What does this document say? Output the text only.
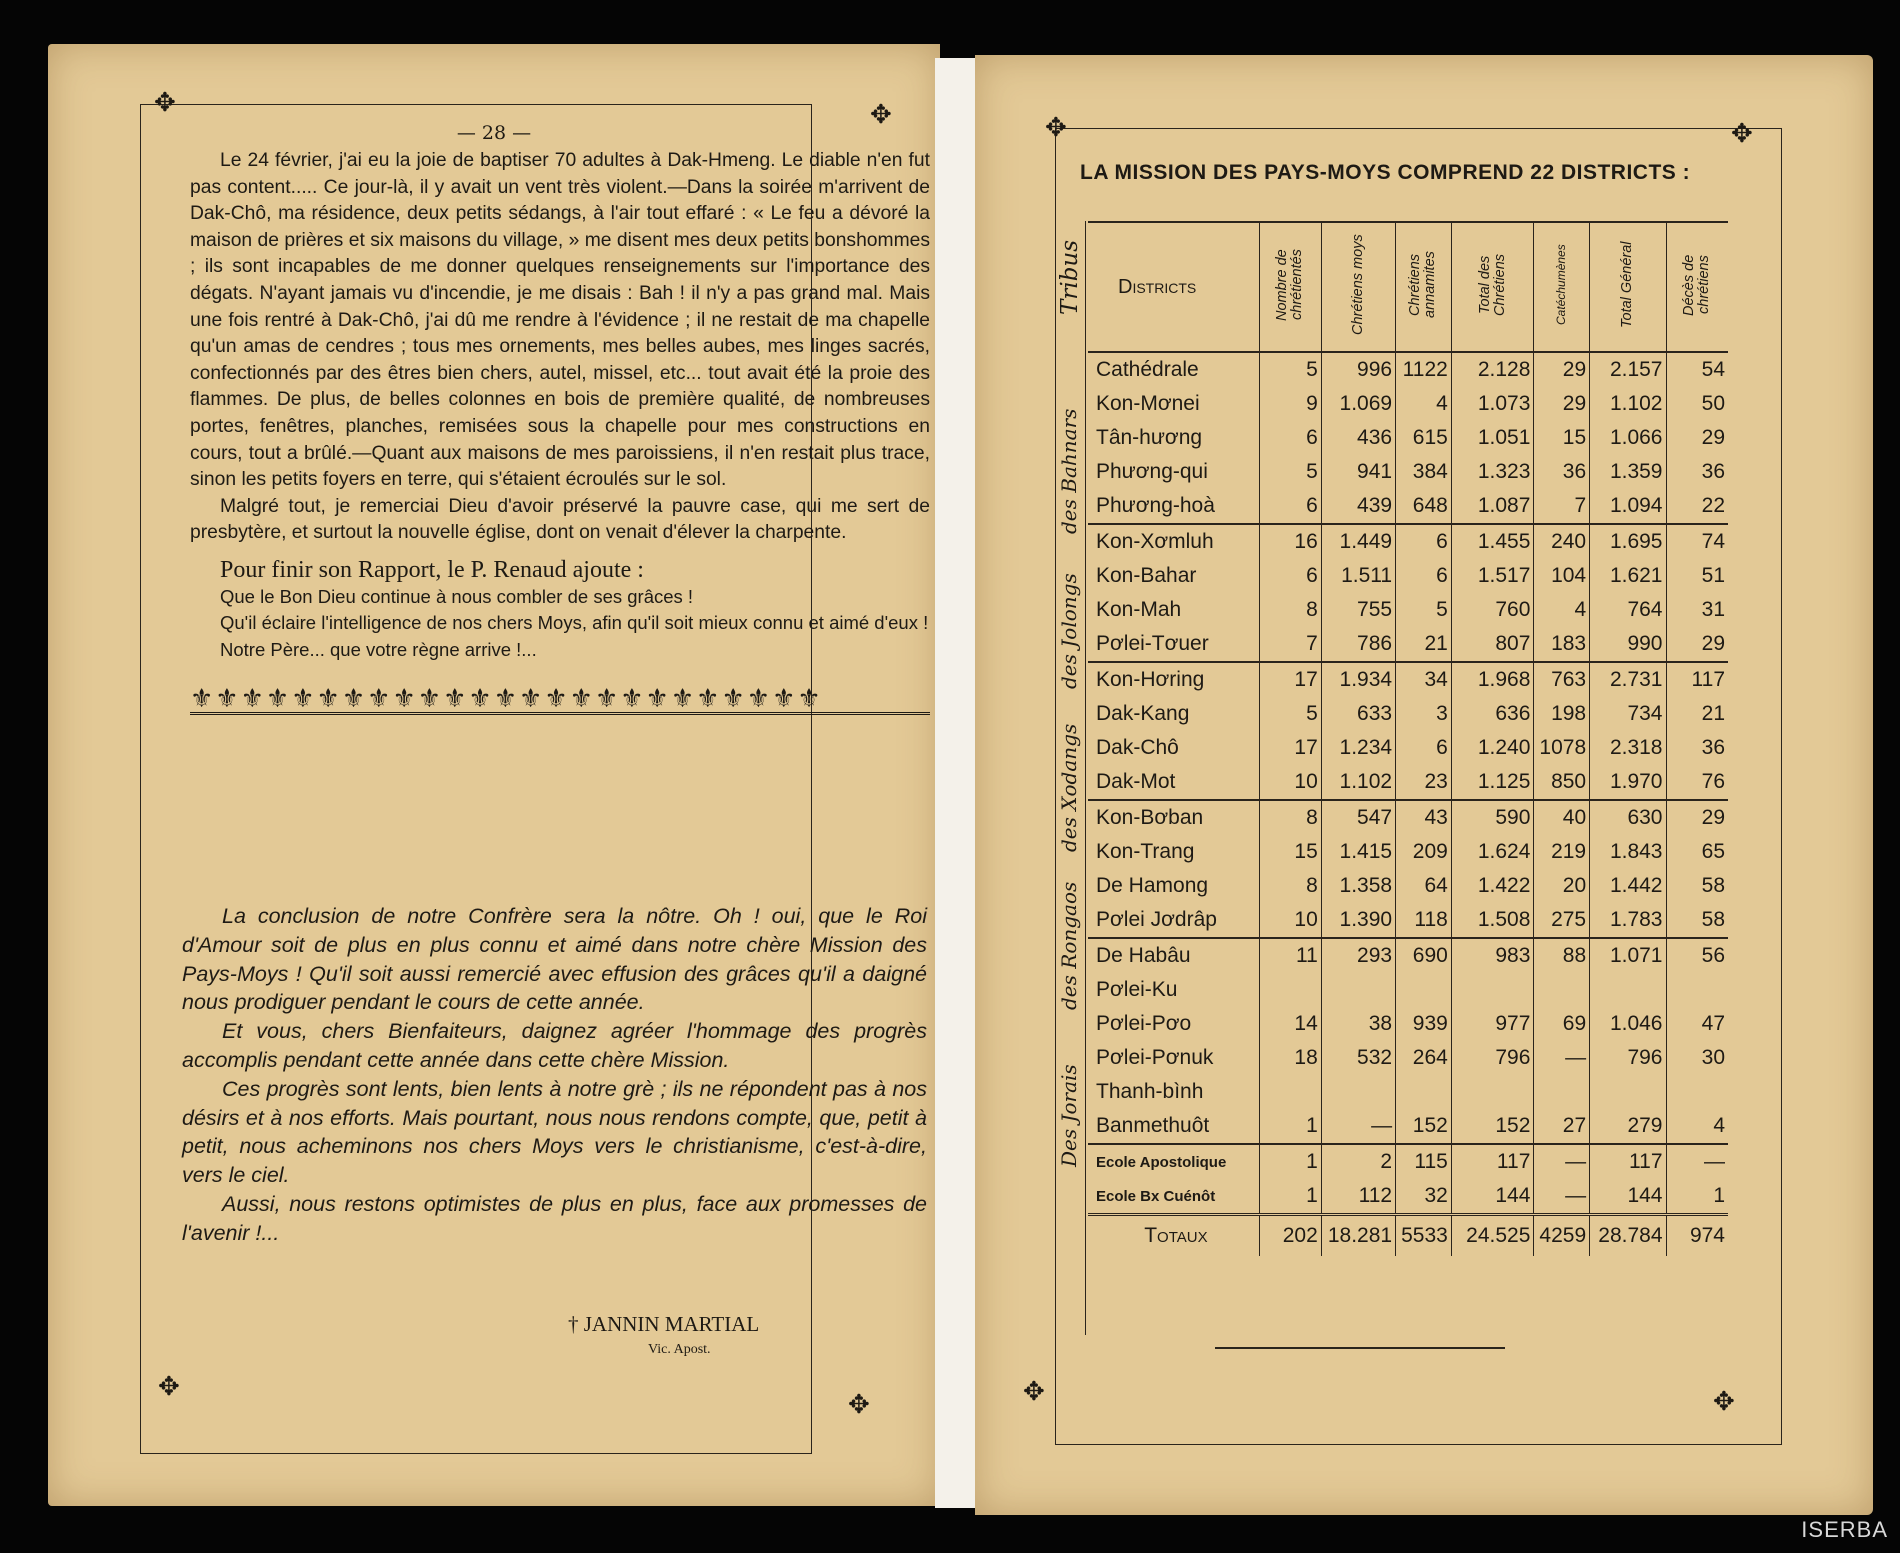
✥	✥
✥
✥
— 28 —

Le 24 février, j'ai eu la joie de baptiser 70 adultes à Dak-Hmeng. Le diable n'en fut pas content..... Ce jour-là, il y avait un vent très violent.—Dans la soirée m'arrivent de Dak-Chô, ma résidence, deux petits sédangs, à l'air tout effaré : « Le feu a dévoré la maison de prières et six maisons du village, » me disent mes deux petits bonshommes ; ils sont incapables de me donner quelques renseignements sur l'importance des dégats. N'ayant jamais vu d'incendie, je me disais : Bah ! il n'y a pas grand mal. Mais une fois rentré à Dak-Chô, j'ai dû me rendre à l'évidence ; il ne restait de ma chapelle qu'un amas de cendres ; tous mes ornements, mes belles aubes, mes linges sacrés, confectionnés par des êtres bien chers, autel, missel, etc... tout avait été la proie des flammes. De plus, de belles colonnes en bois de première qualité, de nombreuses portes, fenêtres, planches, remisées sous la chapelle pour mes constructions en cours, tout a brûlé.—Quant aux maisons de mes paroissiens, il n'en restait plus trace, sinon les petits foyers en terre, qui s'étaient écroulés sur le sol.

Malgré tout, je remerciai Dieu d'avoir préservé la pauvre case, qui me sert de presbytère, et surtout la nouvelle église, dont on venait d'élever la charpente.

Pour finir son Rapport, le P. Renaud ajoute :

Que le Bon Dieu continue à nous combler de ses grâces !

Qu'il éclaire l'intelligence de nos chers Moys, afin qu'il soit mieux connu et aimé d'eux !

Notre Père... que votre règne arrive !...

⚜⚜⚜⚜⚜⚜⚜⚜⚜⚜⚜⚜⚜⚜⚜⚜⚜⚜⚜⚜⚜⚜⚜⚜⚜

La conclusion de notre Confrère sera la nôtre. Oh ! oui, que le Roi d'Amour soit de plus en plus connu et aimé dans notre chère Mission des Pays-Moys ! Qu'il soit aussi remercié avec effusion des grâces qu'il a daigné nous prodiguer pendant le cours de cette année.

Et vous, chers Bienfaiteurs, daignez agréer l'hommage des progrès accomplis pendant cette année dans cette chère Mission.

Ces progrès sont lents, bien lents à notre grè ; ils ne répondent pas à nos désirs et à nos efforts. Mais pourtant, nous nous rendons compte, que, petit à petit, nous acheminons nos chers Moys vers le christianisme, c'est-à-dire, vers le ciel.

Aussi, nous restons optimistes de plus en plus, face aux promesses de l'avenir !...

† JANNIN MARTIAL
Vic. Apost.
✥	✥
✥	✥
LA MISSION DES PAYS-MOYS COMPREND 22 DISTRICTS :
Tribus
des Bahnars
des Jolongs
des Xodangs
des Rongaos
Des Jorais
Districts	Nombre de chrétientés	Chrétiens moys	Chrétiens annamites	Total des Chrétiens	Catéchumènes	Total Général	Décès de chrétiens
Cathédrale	5	996	1122	2.128	29	2.157	54
Kon-Mơnei	9	1.069	4	1.073	29	1.102	50
Tân-hương	6	436	615	1.051	15	1.066	29
Phương-qui	5	941	384	1.323	36	1.359	36
Phương-hoà	6	439	648	1.087	7	1.094	22
Kon-Xơmluh	16	1.449	6	1.455	240	1.695	74
Kon-Bahar	6	1.511	6	1.517	104	1.621	51
Kon-Mah	8	755	5	760	4	764	31
Pơlei-Tơuer	7	786	21	807	183	990	29
Kon-Hơring	17	1.934	34	1.968	763	2.731	117
Dak-Kang	5	633	3	636	198	734	21
Dak-Chô	17	1.234	6	1.240	1078	2.318	36
Dak-Mot	10	1.102	23	1.125	850	1.970	76
Kon-Bơban	8	547	43	590	40	630	29
Kon-Trang	15	1.415	209	1.624	219	1.843	65
De Hamong	8	1.358	64	1.422	20	1.442	58
Pơlei Jơdrâp	10	1.390	118	1.508	275	1.783	58
De Habâu	11	293	690	983	88	1.071	56
Pơlei-Ku							
Pơlei-Pơo	14	38	939	977	69	1.046	47
Pơlei-Pơnuk	18	532	264	796	—	796	30
Thanh-bình							
Banmethuôt	1	—	152	152	27	279	4
Ecole Apostolique	1	2	115	117	—	117	—
Ecole Bx Cuénôt	1	112	32	144	—	144	1
Totaux	202	18.281	5533	24.525	4259	28.784	974
ISERBA
